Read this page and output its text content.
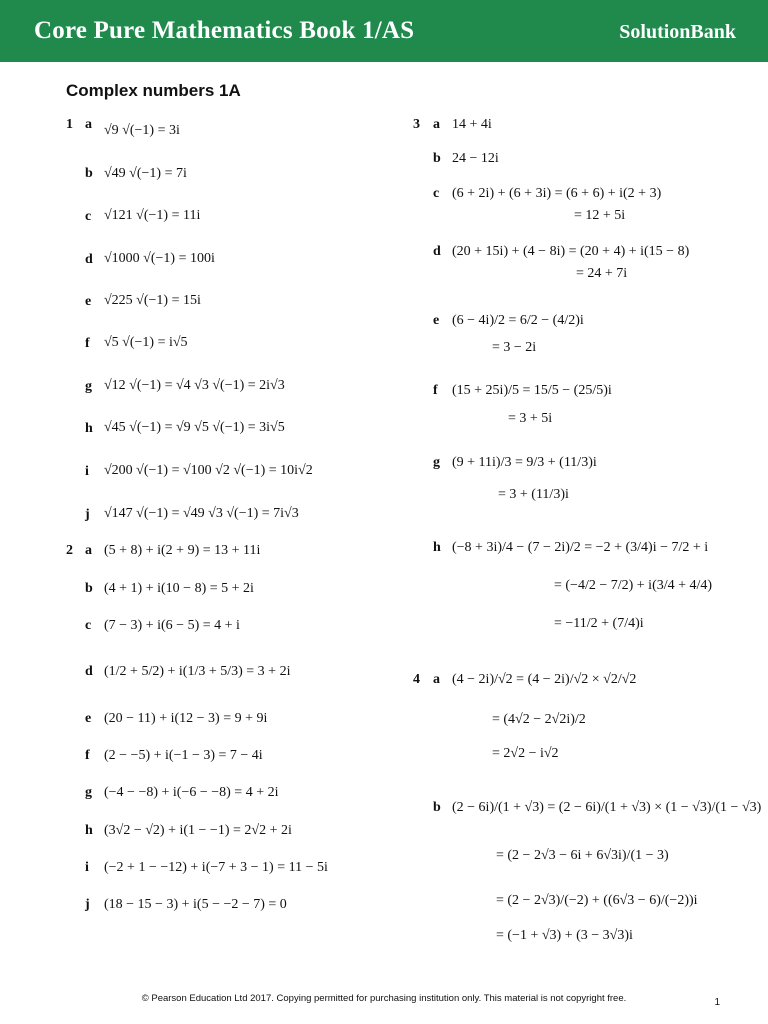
Core Pure Mathematics Book 1/AS	SolutionBank
Complex numbers 1A
1 a √9 √(−1) = 3i
b √49 √(−1) = 7i
c √121 √(−1) = 11i
d √1000 √(−1) = 100i
e √225 √(−1) = 15i
f √5 √(−1) = i√5
g √12 √(−1) = √4 √3 √(−1) = 2i√3
h √45 √(−1) = √9 √5 √(−1) = 3i√5
i √200 √(−1) = √100 √2 √(−1) = 10i√2
j √147 √(−1) = √49 √3 √(−1) = 7i√3
2 a (5 + 8) + i(2 + 9) = 13 + 11i
b (4 + 1) + i(10 − 8) = 5 + 2i
c (7 − 3) + i(6 − 5) = 4 + i
d (1/2 + 5/2) + i(1/3 + 5/3) = 3 + 2i
e (20 − 11) + i(12 − 3) = 9 + 9i
f (2 − −5) + i(−1 − 3) = 7 − 4i
g (−4 − −8) + i(−6 − −8) = 4 + 2i
h (3√2 − √2) + i(1 − −1) = 2√2 + 2i
i (−2 + 1 − −12) + i(−7 + 3 − 1) = 11 − 5i
j (18 − 15 − 3) + i(5 − −2 − 7) = 0
3 a 14 + 4i
b 24 − 12i
c (6 + 2i) + (6 + 3i) = (6 + 6) + i(2 + 3)
= 12 + 5i
d (20 + 15i) + (4 − 8i) = (20 + 4) + i(15 − 8)
= 24 + 7i
e (6 − 4i)/2 = 6/2 − (4/2)i
= 3 − 2i
f (15 + 25i)/5 = 15/5 − (25/5)i
= 3 + 5i
g (9 + 11i)/3 = 9/3 + (11/3)i
= 3 + (11/3)i
h (−8 + 3i)/4 − (7 − 2i)/2 = −2 + (3/4)i − 7/2 + i
= (−4/2 − 7/2) + i(3/4 + 4/4)
= −11/2 + (7/4)i
4 a (4 − 2i)/√2 = (4 − 2i)/√2 × √2/√2
= (4√2 − 2√2i)/2
= 2√2 − i√2
b (2 − 6i)/(1 + √3) = (2 − 6i)/(1 + √3) × (1 − √3)/(1 − √3)
= (2 − 2√3 − 6i + 6√3i)/(1 − 3)
= (2 − 2√3)/(−2) + ((6√3 − 6)/(−2))i
= (−1 + √3) + (3 − 3√3)i
© Pearson Education Ltd 2017. Copying permitted for purchasing institution only. This material is not copyright free.	1
